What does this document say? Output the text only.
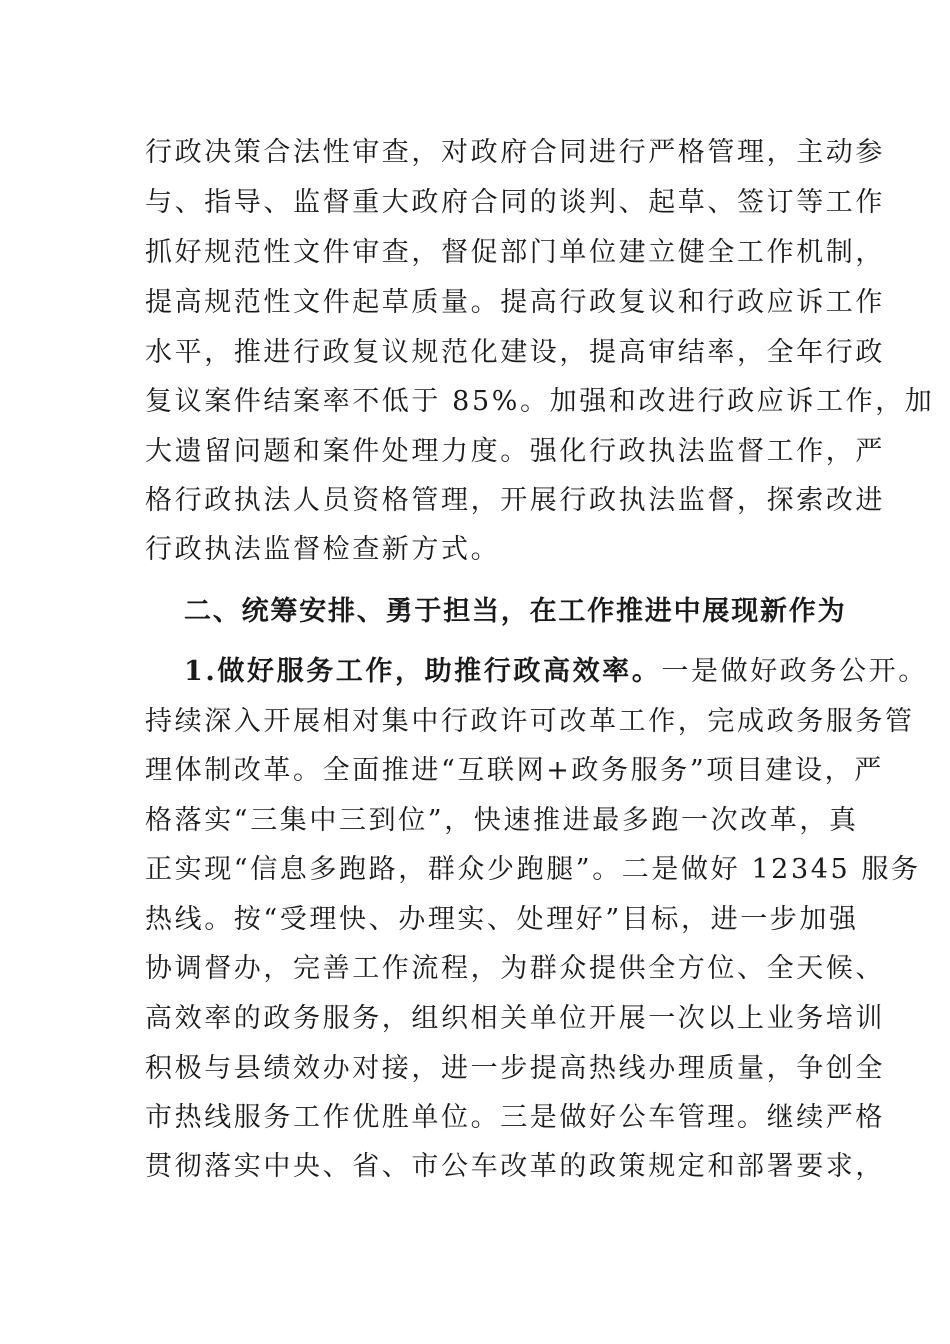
行政决策合法性审查，对政府合同进行严格管理，主动参
与、指导、监督重大政府合同的谈判、起草、签订等工作
抓好规范性文件审查，督促部门单位建立健全工作机制，
提高规范性文件起草质量。提高行政复议和行政应诉工作
水平，推进行政复议规范化建设，提高审结率，全年行政
复议案件结案率不低于 85%。加强和改进行政应诉工作，加
大遗留问题和案件处理力度。强化行政执法监督工作，严
格行政执法人员资格管理，开展行政执法监督，探索改进
行政执法监督检查新方式。
二、统筹安排、勇于担当，在工作推进中展现新作为
1.做好服务工作，助推行政高效率。一是做好政务公开。
持续深入开展相对集中行政许可改革工作，完成政务服务管
理体制改革。全面推进“互联网+政务服务”项目建设，严
格落实“三集中三到位”，快速推进最多跑一次改革，真
正实现“信息多跑路，群众少跑腿”。二是做好 12345 服务
热线。按“受理快、办理实、处理好”目标，进一步加强
协调督办，完善工作流程，为群众提供全方位、全天候、
高效率的政务服务，组织相关单位开展一次以上业务培训
积极与县绩效办对接，进一步提高热线办理质量，争创全
市热线服务工作优胜单位。三是做好公车管理。继续严格
贯彻落实中央、省、市公车改革的政策规定和部署要求，
